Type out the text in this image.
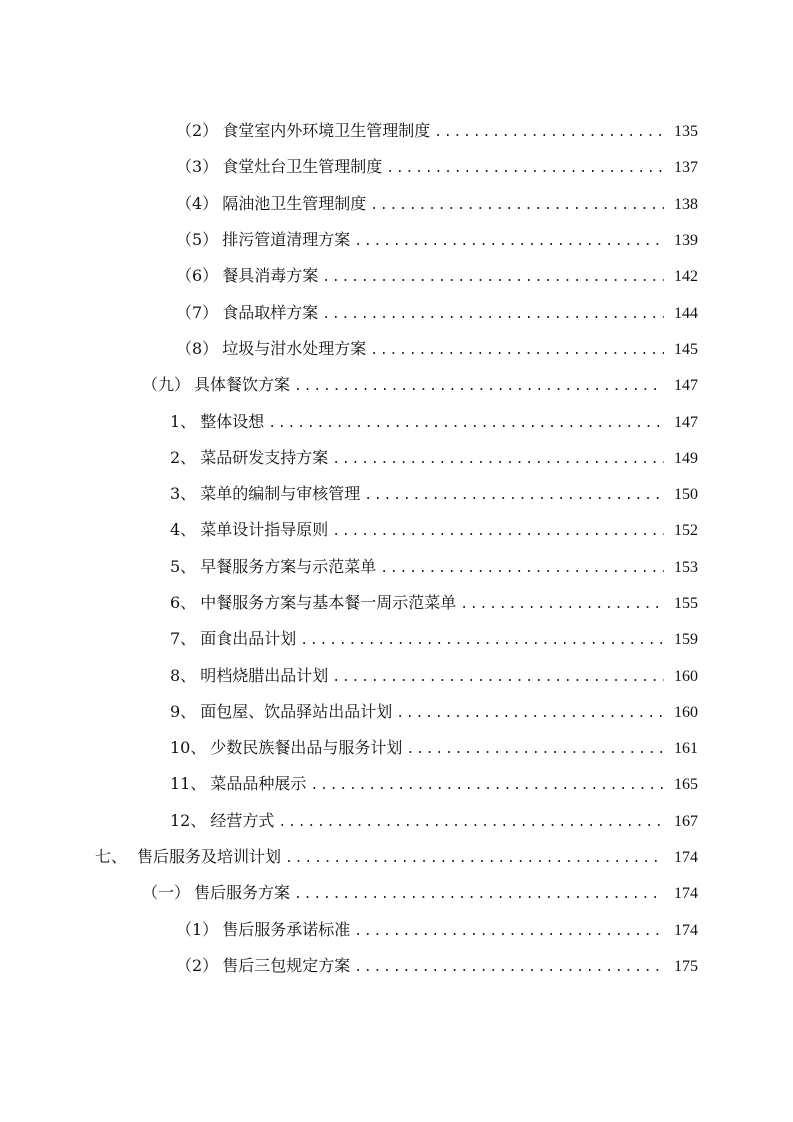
（2） 食堂室内外环境卫生管理制度 . . .	135
（3） 食堂灶台卫生管理制度 . . .	137
（4） 隔油池卫生管理制度 . . .	138
（5） 排污管道清理方案 . . .	139
（6） 餐具消毒方案 . . .	142
（7） 食品取样方案 . . .	144
（8） 垃圾与泔水处理方案 . . .	145
（九） 具体餐饮方案 . . .	147
1、 整体设想 . . .	147
2、 菜品研发支持方案 . . .	149
3、 菜单的编制与审核管理 . . .	150
4、 菜单设计指导原则 . . .	152
5、 早餐服务方案与示范菜单 . . .	153
6、 中餐服务方案与基本餐一周示范菜单 . . .	155
7、 面食出品计划 . . .	159
8、 明档烧腊出品计划 . . .	160
9、 面包屋、饮品驿站出品计划 . . .	160
10、 少数民族餐出品与服务计划 . . .	161
11、 菜品品种展示 . . .	165
12、 经营方式 . . .	167
七、 售后服务及培训计划 . . .	174
（一） 售后服务方案 . . .	174
（1） 售后服务承诺标准 . . .	174
（2） 售后三包规定方案 . . .	175
